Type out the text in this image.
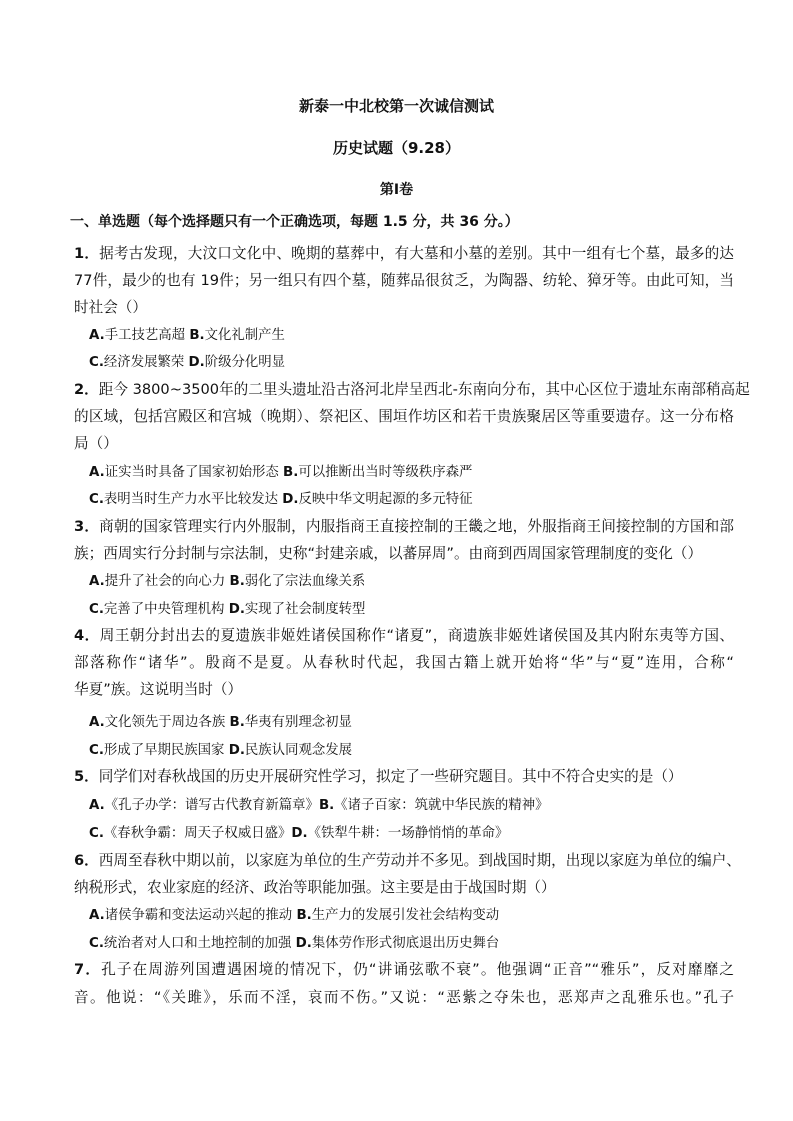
新泰一中北校第一次诚信测试
历史试题（9.28）
第Ⅰ卷
一、单选题（每个选择题只有一个正确选项，每题 1.5 分，共 36 分。）
1．据考古发现，大汶口文化中、晚期的墓葬中，有大墓和小墓的差别。其中一组有七个墓，最多的达
77件，最少的也有 19件；另一组只有四个墓，随葬品很贫乏，为陶器、纺轮、獐牙等。由此可知，当
时社会（）
A.手工技艺高超 B.文化礼制产生
C.经济发展繁荣 D.阶级分化明显
2．距今 3800~3500年的二里头遗址沿古洛河北岸呈西北-东南向分布，其中心区位于遗址东南部稍高起
的区域，包括宫殿区和宫城（晚期）、祭祀区、围垣作坊区和若干贵族聚居区等重要遗存。这一分布格
局（）
A.证实当时具备了国家初始形态 B.可以推断出当时等级秩序森严
C.表明当时生产力水平比较发达 D.反映中华文明起源的多元特征
3．商朝的国家管理实行内外服制，内服指商王直接控制的王畿之地，外服指商王间接控制的方国和部
族；西周实行分封制与宗法制，史称“封建亲戚，以蕃屏周”。由商到西周国家管理制度的变化（）
A.提升了社会的向心力 B.弱化了宗法血缘关系
C.完善了中央管理机构 D.实现了社会制度转型
4．周王朝分封出去的夏遗族非姬姓诸侯国称作“诸夏”，商遗族非姬姓诸侯国及其内附东夷等方国、
部落称作“诸华”。殷商不是夏。从春秋时代起，我国古籍上就开始将“华”与“夏”连用，合称“
华夏”族。这说明当时（）
A.文化领先于周边各族 B.华夷有别理念初显
C.形成了早期民族国家 D.民族认同观念发展
5．同学们对春秋战国的历史开展研究性学习，拟定了一些研究题目。其中不符合史实的是（）
A.《孔子办学：谱写古代教育新篇章》B.《诸子百家：筑就中华民族的精神》
C.《春秋争霸：周天子权威日盛》D.《铁犁牛耕：一场静悄悄的革命》
6．西周至春秋中期以前，以家庭为单位的生产劳动并不多见。到战国时期，出现以家庭为单位的编户、
纳税形式，农业家庭的经济、政治等职能加强。这主要是由于战国时期（）
A.诸侯争霸和变法运动兴起的推动 B.生产力的发展引发社会结构变动
C.统治者对人口和土地控制的加强 D.集体劳作形式彻底退出历史舞台
7．孔子在周游列国遭遇困境的情况下，仍“讲诵弦歌不衰”。他强调“正音”“雅乐”，反对靡靡之
音。他说：“《关雎》，乐而不淫，哀而不伤。”又说：“恶紫之夺朱也，恶郑声之乱雅乐也。”孔子
